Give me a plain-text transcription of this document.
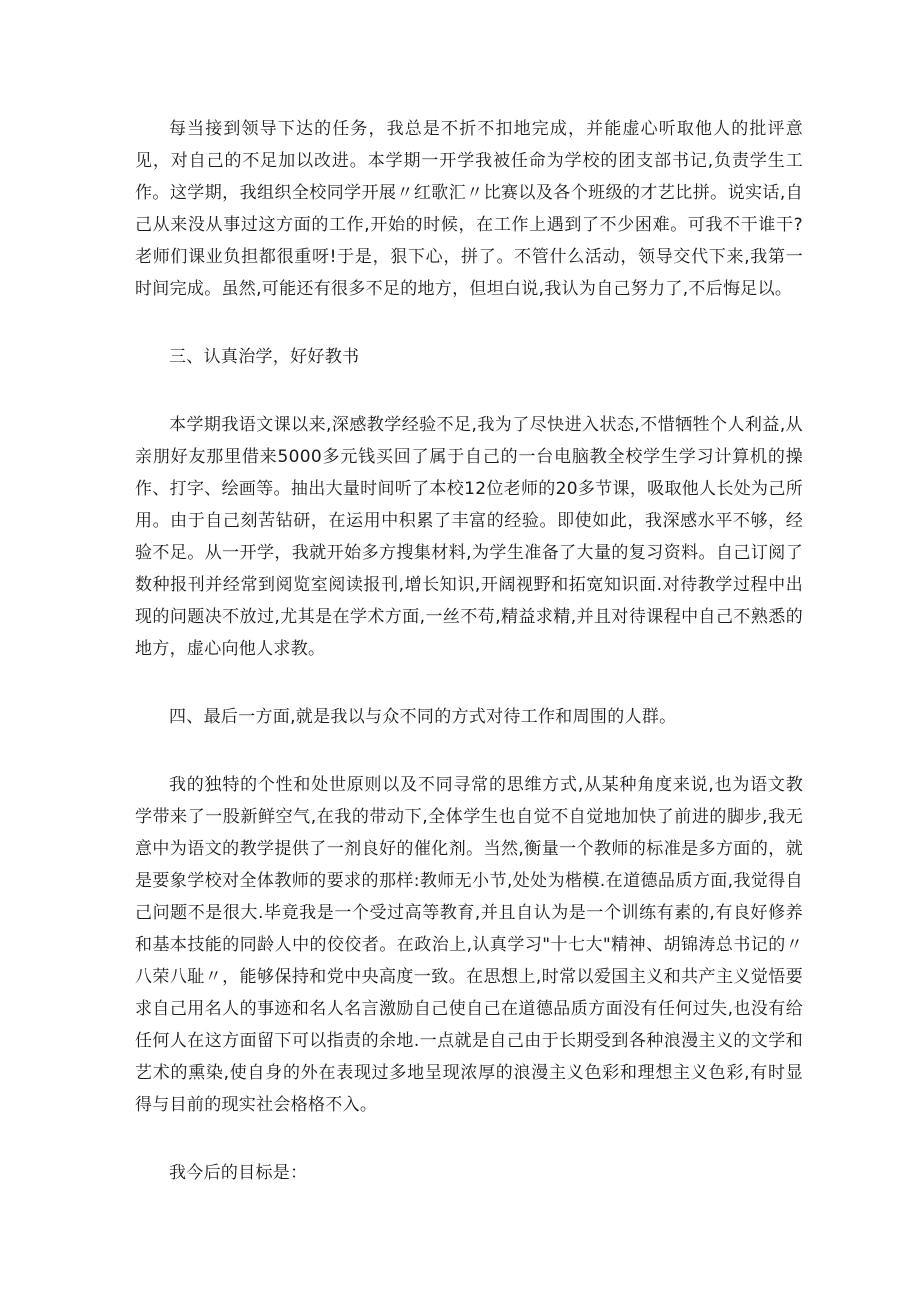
每当接到领导下达的任务，我总是不折不扣地完成，并能虚心听取他人的批评意见，对自己的不足加以改进。本学期一开学我被任命为学校的团支部书记,负责学生工作。这学期，我组织全校同学开展〃红歌汇〃比赛以及各个班级的才艺比拼。说实话,自己从来没从事过这方面的工作,开始的时候，在工作上遇到了不少困难。可我不干谁干?老师们课业负担都很重呀!于是，狠下心，拼了。不管什么活动，领导交代下来,我第一时间完成。虽然,可能还有很多不足的地方，但坦白说,我认为自己努力了,不后悔足以。

三、认真治学，好好教书

本学期我语文课以来,深感教学经验不足,我为了尽快进入状态,不惜牺牲个人利益,从亲朋好友那里借来5000多元钱买回了属于自己的一台电脑教全校学生学习计算机的操作、打字、绘画等。抽出大量时间听了本校12位老师的20多节课，吸取他人长处为己所用。由于自己刻苦钻研，在运用中积累了丰富的经验。即使如此，我深感水平不够，经验不足。从一开学，我就开始多方搜集材料,为学生准备了大量的复习资料。自己订阅了数种报刊并经常到阅览室阅读报刊,增长知识,开阔视野和拓宽知识面.对待教学过程中出现的问题决不放过,尤其是在学术方面,一丝不苟,精益求精,并且对待课程中自己不熟悉的地方，虚心向他人求教。

四、最后一方面,就是我以与众不同的方式对待工作和周围的人群。

我的独特的个性和处世原则以及不同寻常的思维方式,从某种角度来说,也为语文教学带来了一股新鲜空气,在我的带动下,全体学生也自觉不自觉地加快了前进的脚步,我无意中为语文的教学提供了一剂良好的催化剂。当然,衡量一个教师的标准是多方面的，就是要象学校对全体教师的要求的那样:教师无小节,处处为楷模.在道德品质方面,我觉得自己问题不是很大.毕竟我是一个受过高等教育,并且自认为是一个训练有素的,有良好修养和基本技能的同龄人中的佼佼者。在政治上,认真学习"十七大"精神、胡锦涛总书记的〃八荣八耻〃，能够保持和党中央高度一致。在思想上,时常以爱国主义和共产主义觉悟要求自己用名人的事迹和名人名言激励自己使自己在道德品质方面没有任何过失,也没有给任何人在这方面留下可以指责的余地.一点就是自己由于长期受到各种浪漫主义的文学和艺术的熏染,使自身的外在表现过多地呈现浓厚的浪漫主义色彩和理想主义色彩,有时显得与目前的现实社会格格不入。

我今后的目标是：
